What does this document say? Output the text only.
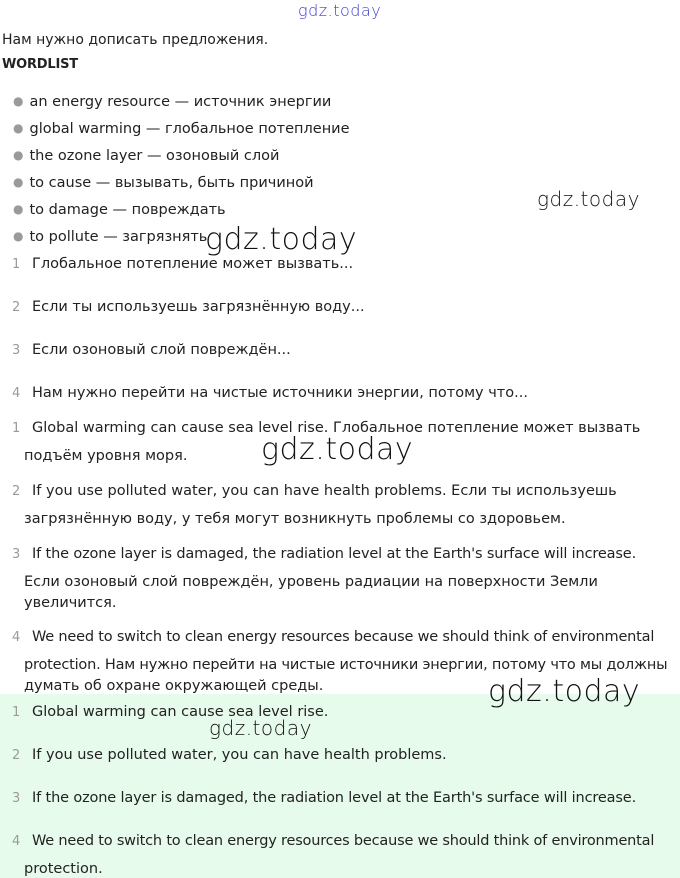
gdz.today
Нам нужно дописать предложения.
WORDLIST
● an energy resource — источник энергии
● global warming — глобальное потепление
● the ozone layer — озоновый слой
● to cause — вызывать, быть причиной
● to damage — повреждать
● to pollute — загрязнять
1 Глобальное потепление может вызвать...
2 Если ты используешь загрязнённую воду...
3 Если озоновый слой повреждён...
4 Нам нужно перейти на чистые источники энергии, потому что...
1 Global warming can cause sea level rise. Глобальное потепление может вызвать
подъём уровня моря.
2 If you use polluted water, you can have health problems. Если ты используешь
загрязнённую воду, у тебя могут возникнуть проблемы со здоровьем.
3 If the ozone layer is damaged, the radiation level at the Earth's surface will increase.
Если озоновый слой повреждён, уровень радиации на поверхности Земли
увеличится.
4 We need to switch to clean energy resources because we should think of environmental
protection. Нам нужно перейти на чистые источники энергии, потому что мы должны
думать об охране окружающей среды.
1 Global warming can cause sea level rise.
2 If you use polluted water, you can have health problems.
3 If the ozone layer is damaged, the radiation level at the Earth's surface will increase.
4 We need to switch to clean energy resources because we should think of environmental
protection.
gdz.today
gdz.today
gdz.today
gdz.today
gdz.today
